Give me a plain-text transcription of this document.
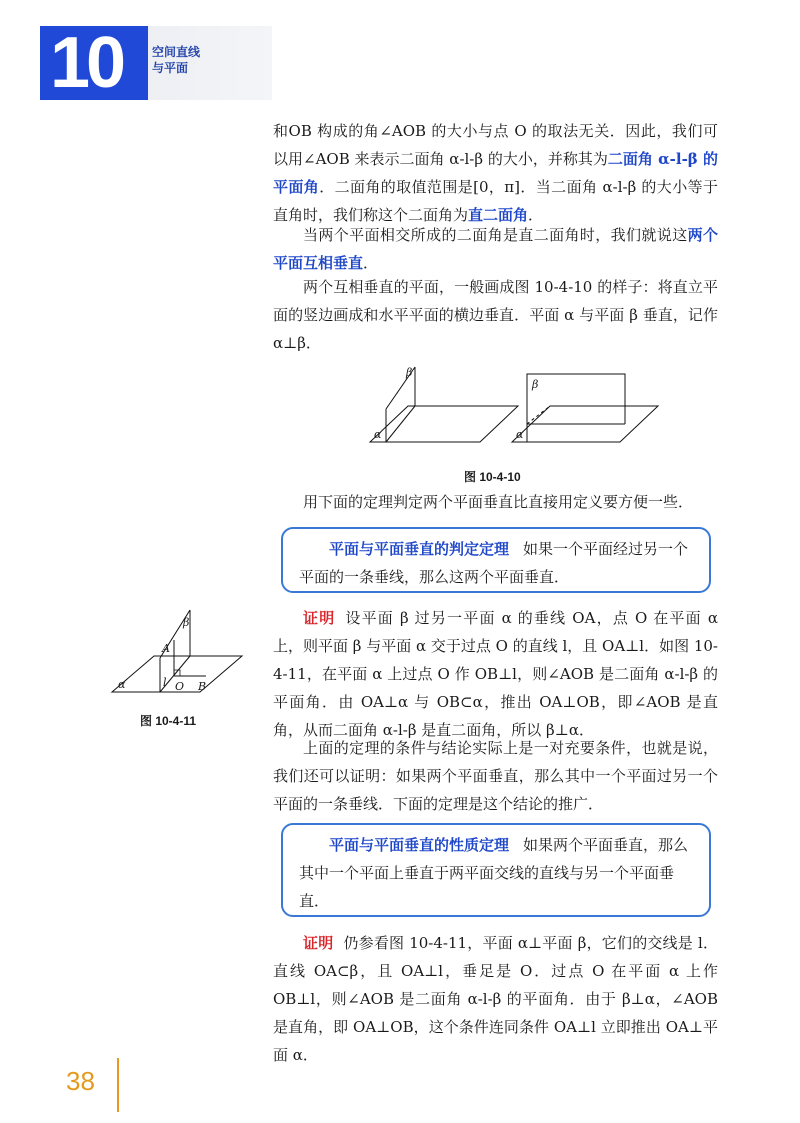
10 空间直线
与平面

和OB 构成的角∠AOB 的大小与点 O 的取法无关．因此，我们可以用∠AOB 来表示二面角 α-l-β 的大小，并称其为二面角 α-l-β 的平面角．二面角的取值范围是[0，π]．当二面角 α-l-β 的大小等于直角时，我们称这个二面角为直二面角．

当两个平面相交所成的二面角是直二面角时，我们就说这两个平面互相垂直．

两个互相垂直的平面，一般画成图 10-4-10 的样子：将直立平面的竖边画成和水平平面的横边垂直．平面 α 与平面 β 垂直，记作 α⊥β．

α
β
α
β
图 10-4-10

用下面的定理判定两个平面垂直比直接用定义要方便一些．

平面与平面垂直的判定定理 如果一个平面经过另一个平面的一条垂线，那么这两个平面垂直．
α
β
A
l O B
图 10-4-11

证明 设平面 β 过另一平面 α 的垂线 OA，点 O 在平面 α 上，则平面 β 与平面 α 交于过点 O 的直线 l，且 OA⊥l．如图 10-4-11，在平面 α 上过点 O 作 OB⊥l，则∠AOB 是二面角 α-l-β 的平面角．由 OA⊥α 与 OB⊂α，推出 OA⊥OB，即∠AOB 是直角，从而二面角 α-l-β 是直二面角，所以 β⊥α．

上面的定理的条件与结论实际上是一对充要条件，也就是说，我们还可以证明：如果两个平面垂直，那么其中一个平面过另一个平面的一条垂线．下面的定理是这个结论的推广．

平面与平面垂直的性质定理 如果两个平面垂直，那么其中一个平面上垂直于两平面交线的直线与另一个平面垂直．

证明 仍参看图 10-4-11，平面 α⊥平面 β，它们的交线是 l．直线 OA⊂β，且 OA⊥l，垂足是 O．过点 O 在平面 α 上作 OB⊥l，则∠AOB 是二面角 α-l-β 的平面角．由于 β⊥α，∠AOB 是直角，即 OA⊥OB，这个条件连同条件 OA⊥l 立即推出 OA⊥平面 α．

38
